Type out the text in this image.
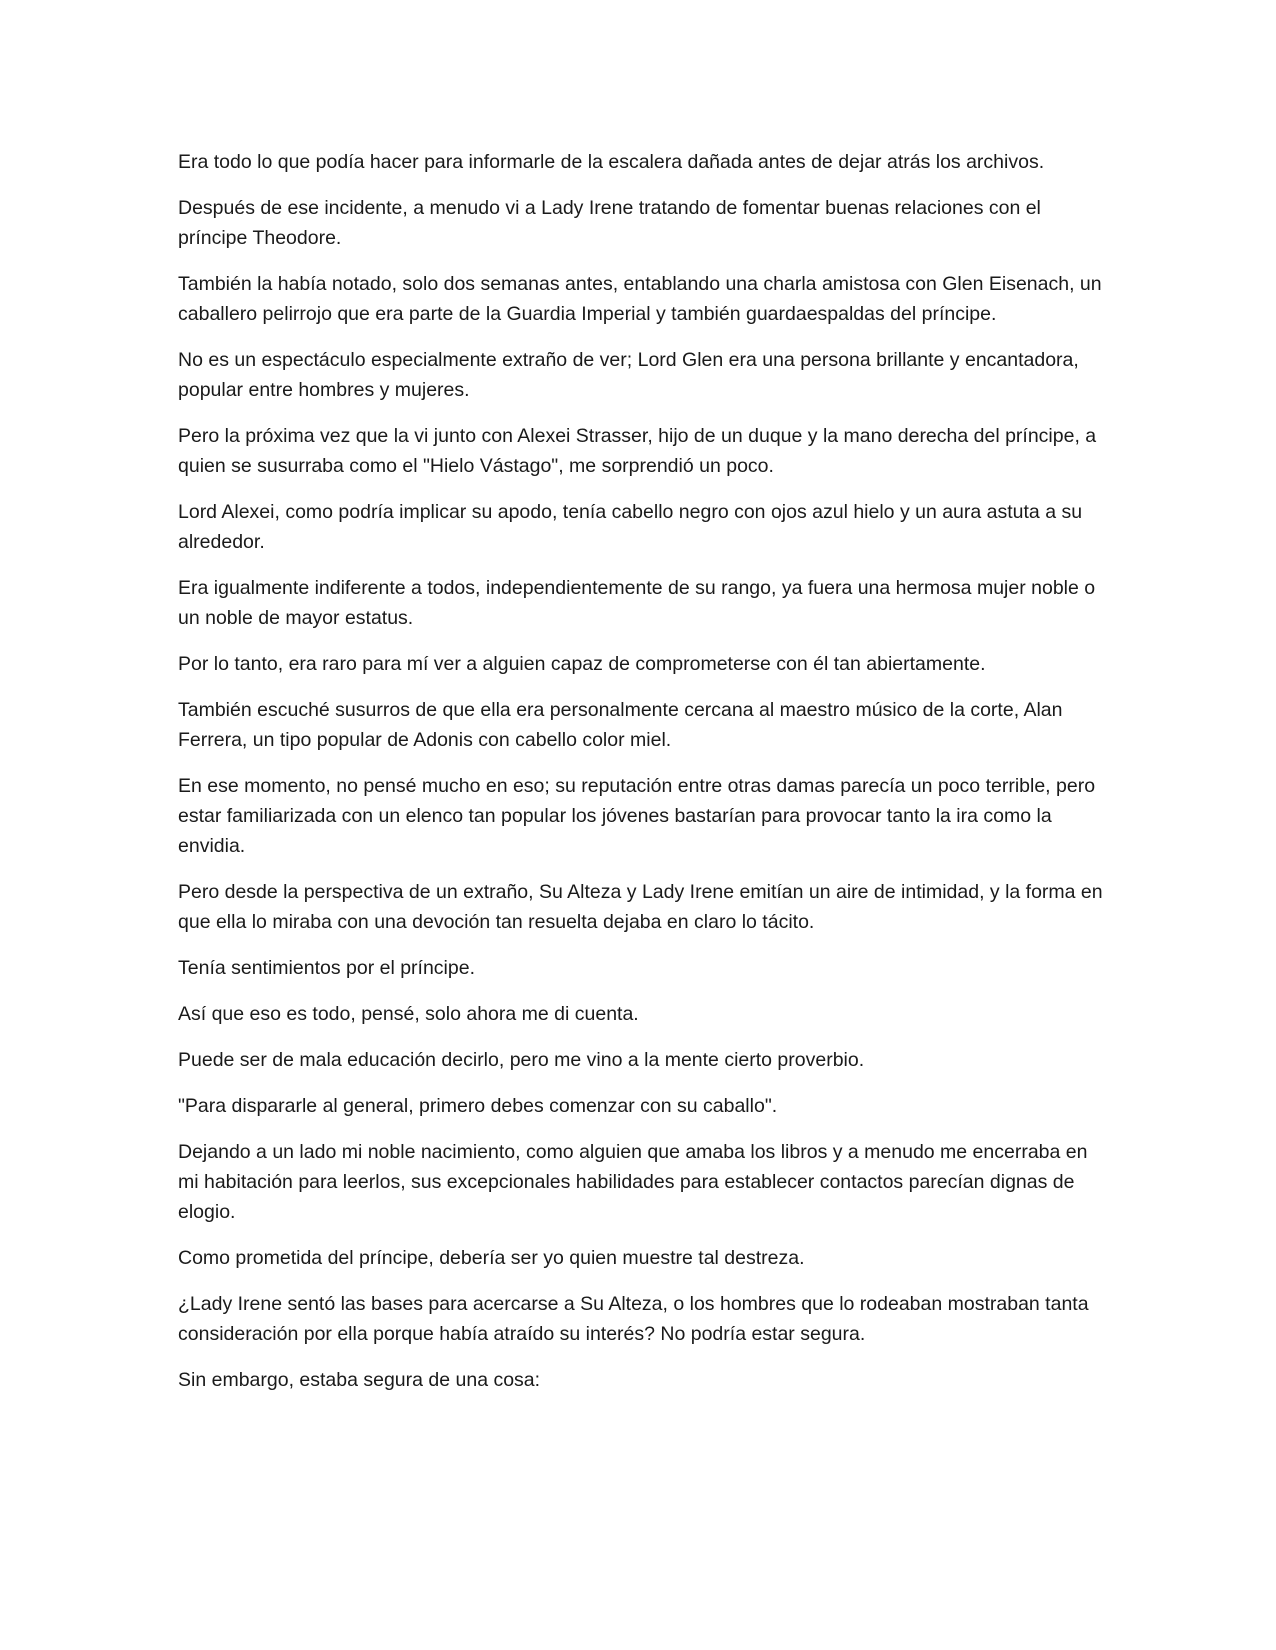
Era todo lo que podía hacer para informarle de la escalera dañada antes de dejar atrás los archivos.

Después de ese incidente, a menudo vi a Lady Irene tratando de fomentar buenas relaciones con el príncipe Theodore.

También la había notado, solo dos semanas antes, entablando una charla amistosa con Glen Eisenach, un caballero pelirrojo que era parte de la Guardia Imperial y también guardaespaldas del príncipe.

No es un espectáculo especialmente extraño de ver; Lord Glen era una persona brillante y encantadora, popular entre hombres y mujeres.

Pero la próxima vez que la vi junto con Alexei Strasser, hijo de un duque y la mano derecha del príncipe, a quien se susurraba como el "Hielo Vástago", me sorprendió un poco.

Lord Alexei, como podría implicar su apodo, tenía cabello negro con ojos azul hielo y un aura astuta a su alrededor.

Era igualmente indiferente a todos, independientemente de su rango, ya fuera una hermosa mujer noble o un noble de mayor estatus.

Por lo tanto, era raro para mí ver a alguien capaz de comprometerse con él tan abiertamente.

También escuché susurros de que ella era personalmente cercana al maestro músico de la corte, Alan Ferrera, un tipo popular de Adonis con cabello color miel.

En ese momento, no pensé mucho en eso; su reputación entre otras damas parecía un poco terrible, pero estar familiarizada con un elenco tan popular los jóvenes bastarían para provocar tanto la ira como la envidia.

Pero desde la perspectiva de un extraño, Su Alteza y Lady Irene emitían un aire de intimidad, y la forma en que ella lo miraba con una devoción tan resuelta dejaba en claro lo tácito.

Tenía sentimientos por el príncipe.

Así que eso es todo, pensé, solo ahora me di cuenta.

Puede ser de mala educación decirlo, pero me vino a la mente cierto proverbio.

"Para dispararle al general, primero debes comenzar con su caballo".

Dejando a un lado mi noble nacimiento, como alguien que amaba los libros y a menudo me encerraba en mi habitación para leerlos, sus excepcionales habilidades para establecer contactos parecían dignas de elogio.

Como prometida del príncipe, debería ser yo quien muestre tal destreza.

¿Lady Irene sentó las bases para acercarse a Su Alteza, o los hombres que lo rodeaban mostraban tanta consideración por ella porque había atraído su interés? No podría estar segura.

Sin embargo, estaba segura de una cosa:
